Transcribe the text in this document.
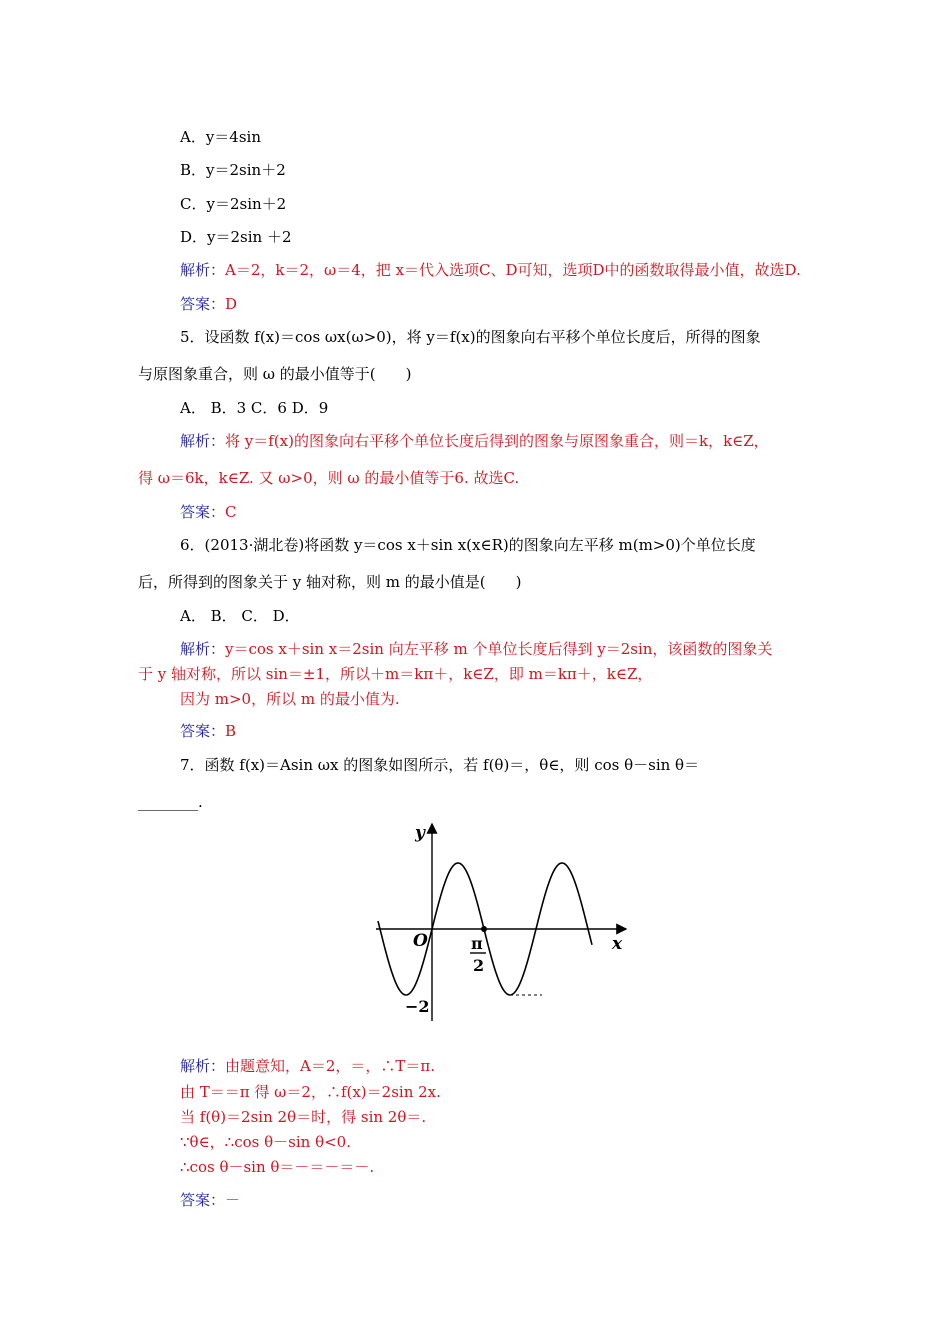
A．y＝4sin
B．y＝2sin＋2
C．y＝2sin＋2
D．y＝2sin ＋2
解析：A＝2，k＝2，ω＝4，把 x＝代入选项C、D可知，选项D中的函数取得最小值，故选D.
答案：D
5．设函数 f(x)＝cos ωx(ω>0)，将 y＝f(x)的图象向右平移个单位长度后，所得的图象
与原图象重合，则 ω 的最小值等于(　　)
A． B．3 C．6 D．9
解析：将 y＝f(x)的图象向右平移个单位长度后得到的图象与原图象重合，则＝k，k∈Z，
得 ω＝6k，k∈Z. 又 ω>0，则 ω 的最小值等于6. 故选C.
答案：C
6．(2013·湖北卷)将函数 y＝cos x＋sin x(x∈R)的图象向左平移 m(m>0)个单位长度
后，所得到的图象关于 y 轴对称，则 m 的最小值是(　　)
A． B． C． D．
解析：y＝cos x＋sin x＝2sin 向左平移 m 个单位长度后得到 y＝2sin，该函数的图象关
于 y 轴对称，所以 sin＝±1，所以＋m＝kπ＋，k∈Z，即 m＝kπ＋，k∈Z，
因为 m>0，所以 m 的最小值为.
答案：B
7．函数 f(x)＝Asin ωx 的图象如图所示，若 f(θ)＝，θ∈，则 cos θ－sin θ＝
________.
y
x
O	π
2
−2
解析：由题意知，A＝2，＝，∴T＝π.
由 T＝＝π 得 ω＝2，∴f(x)＝2sin 2x.
当 f(θ)＝2sin 2θ＝时，得 sin 2θ＝.
∵θ∈，∴cos θ－sin θ<0.
∴cos θ－sin θ＝－＝－＝－.
答案：－
